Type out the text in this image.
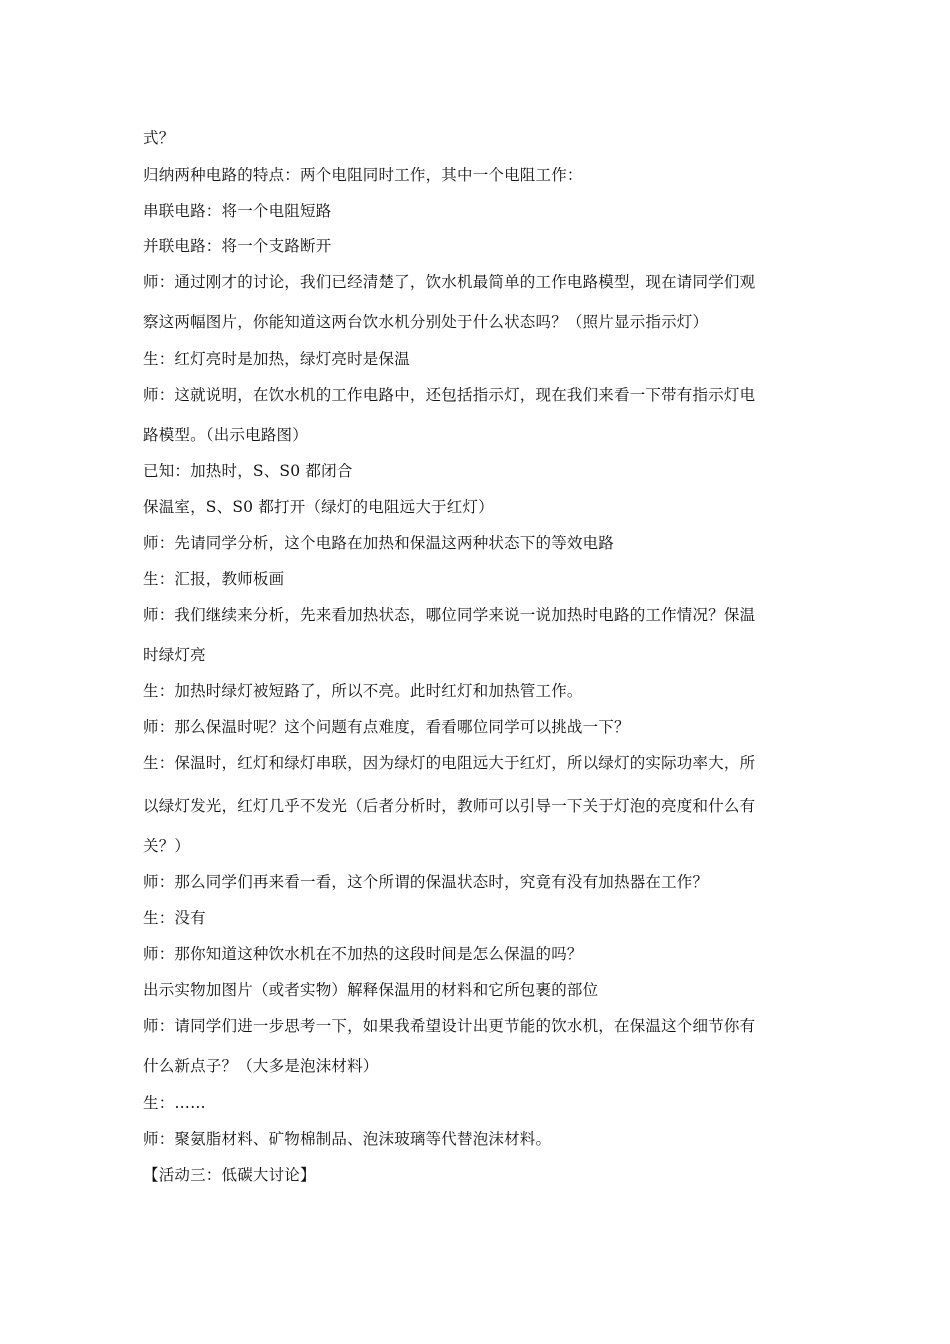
式？
归纳两种电路的特点：两个电阻同时工作，其中一个电阻工作：
串联电路：将一个电阻短路
并联电路：将一个支路断开
师：通过刚才的讨论，我们已经清楚了，饮水机最简单的工作电路模型，现在请同学们观
察这两幅图片，你能知道这两台饮水机分别处于什么状态吗？（照片显示指示灯）
生：红灯亮时是加热，绿灯亮时是保温
师：这就说明，在饮水机的工作电路中，还包括指示灯，现在我们来看一下带有指示灯电
路模型。（出示电路图）
已知：加热时，S、S0 都闭合
保温室，S、S0 都打开（绿灯的电阻远大于红灯）
师：先请同学分析，这个电路在加热和保温这两种状态下的等效电路
生：汇报，教师板画
师：我们继续来分析，先来看加热状态，哪位同学来说一说加热时电路的工作情况？保温
时绿灯亮
生：加热时绿灯被短路了，所以不亮。此时红灯和加热管工作。
师：那么保温时呢？这个问题有点难度，看看哪位同学可以挑战一下？
生：保温时，红灯和绿灯串联，因为绿灯的电阻远大于红灯，所以绿灯的实际功率大，所
以绿灯发光，红灯几乎不发光（后者分析时，教师可以引导一下关于灯泡的亮度和什么有
关？）
师：那么同学们再来看一看，这个所谓的保温状态时，究竟有没有加热器在工作？
生：没有
师：那你知道这种饮水机在不加热的这段时间是怎么保温的吗？
出示实物加图片（或者实物）解释保温用的材料和它所包裹的部位
师：请同学们进一步思考一下，如果我希望设计出更节能的饮水机，在保温这个细节你有
什么新点子？（大多是泡沫材料）
生：……
师：聚氨脂材料、矿物棉制品、泡沫玻璃等代替泡沫材料。
【活动三：低碳大讨论】
